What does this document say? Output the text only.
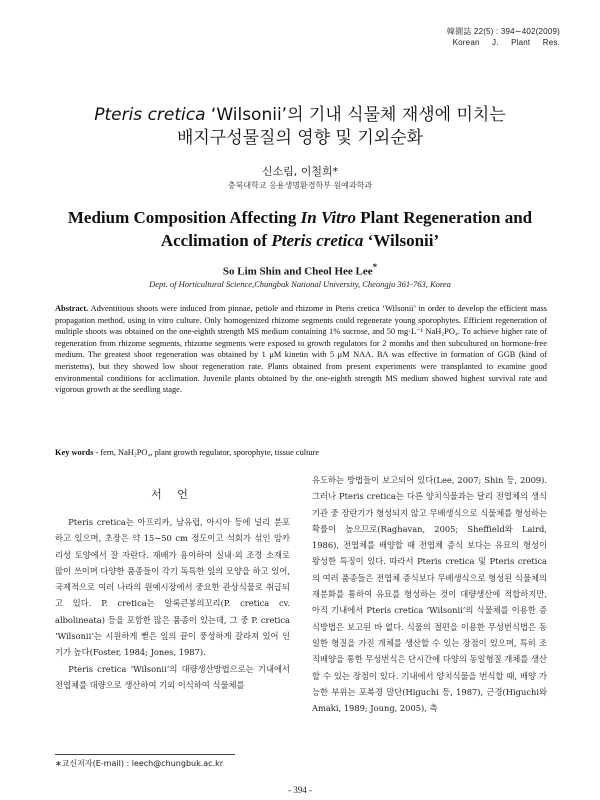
韓園誌 22(5) : 394∼402(2009)
Korean J. Plant Res.
Pteris cretica ‘Wilsonii’의 기내 식물체 재생에 미치는
배지구성물질의 영향 및 기외순화
신소림, 이철희*
충북대학교 응용생명환경학부 원예과학과
Medium Composition Affecting In Vitro Plant Regeneration and
Acclimation of Pteris cretica ‘Wilsonii’
So Lim Shin and Cheol Hee Lee*
Dept. of Horticultural Science,Chungbuk National University, Cheongju 361-763, Korea
Abstract. Adventitious shoots were induced from pinnae, petiole and rhizome in Pteris cretica ‘Wilsonii’ in order to develop the efficient mass propagation method, using in vitro culture. Only homogenized rhizome segments could regenerate young sporophytes. Efficient regeneration of multiple shoots was obtained on the one-eighth strength MS medium containing 1% sucrose, and 50 mg·L⁻¹ NaH₂PO₄. To achieve higher rate of regeneration from rhizome segments, rhizome segments were exposed to growth regulators for 2 months and then subcultured on hormone-free medium. The greatest shoot regeneration was obtained by 1 μM kinetin with 5 μM NAA. BA was effective in formation of GGB (kind of meristems), but they showed low shoot regeneration rate. Plants obtained from present experiments were transplanted to examine good environmental conditions for acclimation. Juvenile plants obtained by the one-eighth strength MS medium showed highest survival rate and vigorous growth at the seedling stage.
Key words - fern, NaH₂PO₄, plant growth regulator, sporophyte, tissue culture
서 언

Pteris cretica는 아프리카, 남유럽, 아시아 등에 널리 분포하고 있으며, 초장은 약 15∼50 cm 정도이고 석회가 섞인 암카리성 토양에서 잘 자란다. 재배가 용이하여 실내·외 조경 소재로 많이 쓰이며 다양한 품종들이 각기 독특한 잎의 모양을 하고 있어, 국제적으로 여러 나라의 원예시장에서 중요한 관상식물로 취급되고 있다. P. cretica는 알록큰봉의꼬리(P. cretica cv. albolineata) 등을 포함한 많은 품종이 있는데, 그 중 P. cretica ‘Wilsonii’는 시원하게 뻗은 잎의 끝이 풍성하게 갈라져 있어 인기가 높다(Foster, 1984; Jones, 1987).

Pteris cretica ‘Wilsonii’의 대량생산방법으로는 기내에서 전엽체를 대량으로 생산하여 기외 이식하여 식물체를

유도하는 방법들이 보고되어 있다(Lee, 2007; Shin 등, 2009). 그러나 Pteris cretica는 다른 양치식물과는 달리 전엽체의 생식기관 중 장란기가 형성되지 않고 무배생식으로 식물체를 형성하는 확률이 높으므로(Raghavan, 2005; Sheffield와 Laird, 1986), 전엽체를 배양할 때 전엽체 증식 보다는 유묘의 형성이 왕성한 특징이 있다. 따라서 Pteris cretica 및 Pteris cretica의 여러 품종들은 전엽체 증식보다 무배생식으로 형성된 식물체의 재분화를 통하여 유묘를 형성하는 것이 대량생산에 적합하지만, 아직 기내에서 Pteris cretica ‘Wilsonii’의 식물체를 이용한 증식방법은 보고된 바 없다. 식물의 절편을 이용한 무성번식법은 동일한 형질을 가진 개체를 생산할 수 있는 장점이 있으며, 특히 조직배양을 통한 무성번식은 단시간에 다양의 동일형질 개체를 생산할 수 있는 장점이 있다. 기내에서 양치식물을 번식할 때, 배양 가능한 부위는 포복경 말단(Higuchi 등, 1987), 근경(Higuchi와 Amaki, 1989; Joung, 2005), 측

∗교신저자(E-mail) : leech@chungbuk.ac.kr
- 394 -
